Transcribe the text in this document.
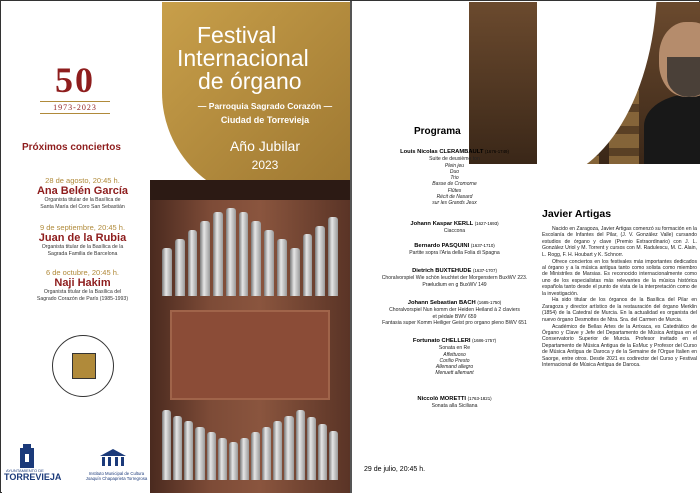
50
1973-2023
Festival
Internacional
de órgano
— Parroquia Sagrado Corazón —
Ciudad de Torrevieja
Año Jubilar
2023
Próximos conciertos
28 de agosto, 20:45 h.
Ana Belén García
Organista titular de la Basílica de
Santa María del Coro San Sebastián
9 de septiembre, 20:45 h.
Juan de la Rubia
Organista titular de la Basílica de la
Sagrada Familia de Barcelona
6 de octubre, 20:45 h.
Naji Hakim
Organista titular de la Basílica del
Sagrado Corazón de París (1985-1993)
AYUNTAMIENTO DE
TORREVIEJA	Instituto Municipal de Cultura
Joaquín Chapaprieta Torregrosa
Programa
Louis Nicolas CLERAMBAULT (1676-1749)
Suite de deuxième ton
Plein jeu
Duo
Trio
Basse de Cromorne
Flûtes
Récit de Nasard
sur les Grands Jeux
Johann Kaspar KERLL (1627-1693)
Ciaccona
Bernardo PASQUINI (1637-1710)
Partite sopra l'Aria della Folia di Spagna
Dietrich BUXTEHUDE (1637-1707)
Choralvorspiel Wie schön leuchtet der Morgenstern BuxWV 223.
Præludium en g BuxWV 149
Johann Sebastian BACH (1685-1750)
Choralvorspiel Nun komm der Heiden Heiland à 2 claviers
et pédale BWV 659
Fantasia super Komm Heiliger Geist pro organo pleno BWV 651
Fortunato CHELLERI (1686-1757)
Sonata en Re
Affettuoso
Corilio Presto
Allemand allegro
Menuett allemant
Niccolò MORETTI (1763-1821)
Sonata alla Siciliana
Javier Artigas

Nacido en Zaragoza, Javier Artigas comenzó su formación en la Escolanía de Infantes del Pilar, (J. V. González Valle) cursando estudios de órgano y clave (Premio Extraordinario) con J. L. González Uriol y M. Torrent y cursos con M. Radulescu, M. C. Alain, L. Rogg, F. H. Houbart y K. Schnorr.

Ofrece conciertos en los festivales más importantes dedicados al órgano y a la música antigua tanto como solista como miembro de Ministriles de Marsias. Es reconocido internacionalmente como uno de los especialistas más relevantes de la música histórica española tanto desde el punto de vista de la interpretación como de la investigación.

Ha sido titular de los órganos de la Basílica del Pilar en Zaragoza y director artístico de la restauración del órgano Merklin (1854) de la Catedral de Murcia. En la actualidad es organista del nuevo órgano Desmottes de Ntra. Sra. del Carmen de Murcia.

Académico de Bellas Artes de la Arrixaca, es Catedrático de Órgano y Clave y Jefe del Departamento de Música Antigua en el Conservatorio Superior de Murcia. Profesor invitado en el Departamento de Música Antigua de la EsMuc y Profesor del Curso de Música Antigua de Daroca y de la Semaine de l'Orgue Italien en Saorge, entre otros. Desde 2021 es codirector del Curso y Festival Internacional de Música Antigua de Daroca.

29 de julio, 20:45 h.
